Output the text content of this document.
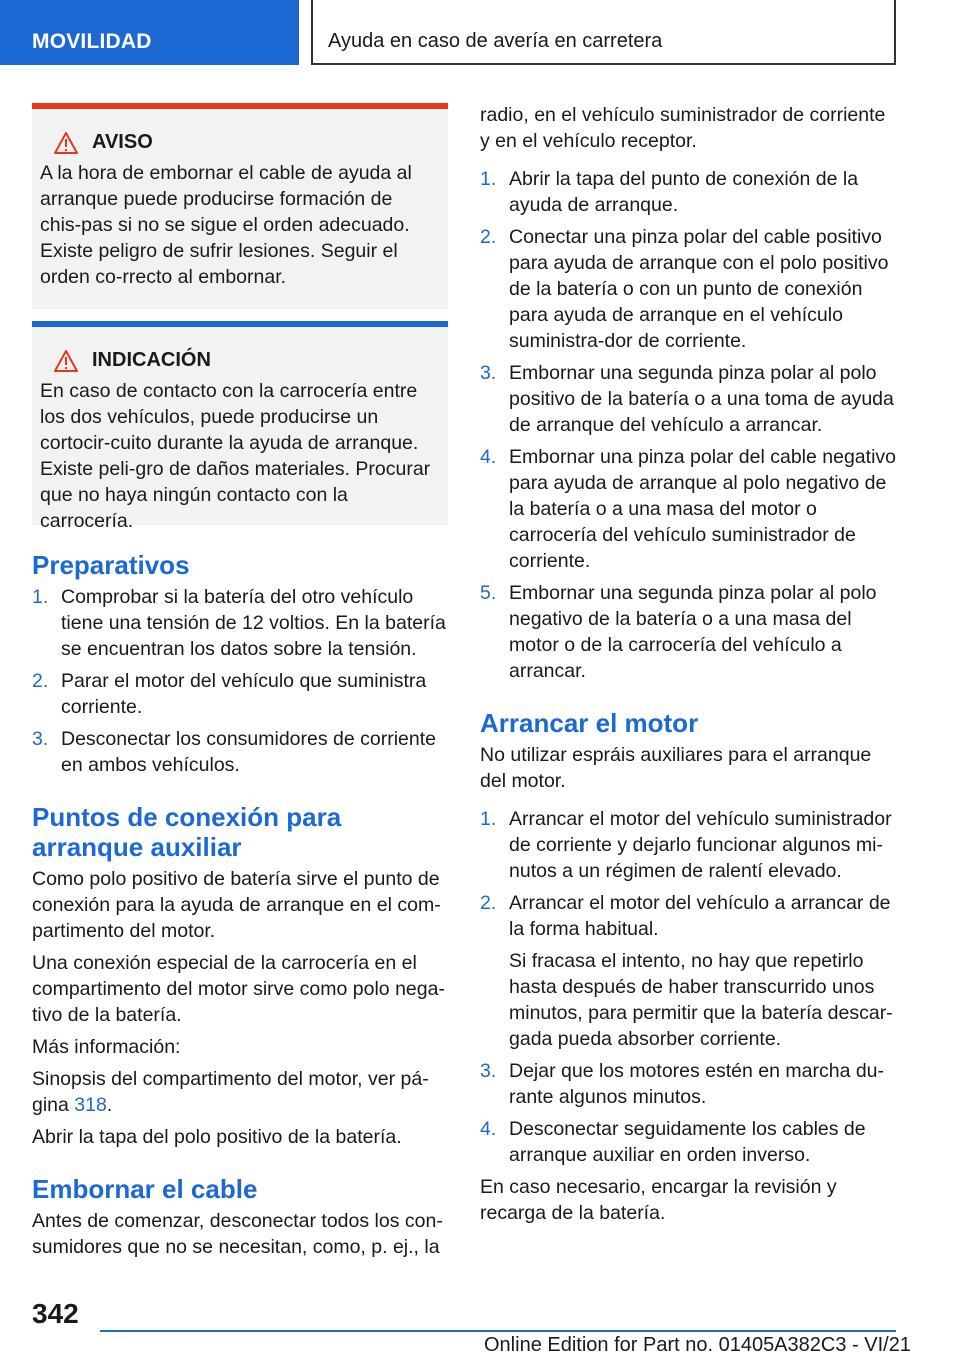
MOVILIDAD	Ayuda en caso de avería en carretera
AVISO
A la hora de embornar el cable de ayuda al arranque puede producirse formación de chis-pas si no se sigue el orden adecuado. Existe peligro de sufrir lesiones. Seguir el orden co-rrecto al embornar.
INDICACIÓN
En caso de contacto con la carrocería entre los dos vehículos, puede producirse un cortocir-cuito durante la ayuda de arranque. Existe peli-gro de daños materiales. Procurar que no haya ningún contacto con la carrocería.
Preparativos
1. Comprobar si la batería del otro vehículo tiene una tensión de 12 voltios. En la batería se encuentran los datos sobre la tensión.
2. Parar el motor del vehículo que suministra corriente.
3. Desconectar los consumidores de corriente en ambos vehículos.
Puntos de conexión para arranque auxiliar

Como polo positivo de batería sirve el punto de conexión para la ayuda de arranque en el com-partimento del motor.

Una conexión especial de la carrocería en el compartimento del motor sirve como polo nega-tivo de la batería.

Más información:

Sinopsis del compartimento del motor, ver pá-gina 318.

Abrir la tapa del polo positivo de la batería.

Embornar el cable

Antes de comenzar, desconectar todos los con-sumidores que no se necesitan, como, p. ej., la

radio, en el vehículo suministrador de corriente y en el vehículo receptor.

1. Abrir la tapa del punto de conexión de la ayuda de arranque.
2. Conectar una pinza polar del cable positivo para ayuda de arranque con el polo positivo de la batería o con un punto de conexión para ayuda de arranque en el vehículo suministra-dor de corriente.
3. Embornar una segunda pinza polar al polo positivo de la batería o a una toma de ayuda de arranque del vehículo a arrancar.
4. Embornar una pinza polar del cable negativo para ayuda de arranque al polo negativo de la batería o a una masa del motor o carrocería del vehículo suministrador de corriente.
5. Embornar una segunda pinza polar al polo negativo de la batería o a una masa del motor o de la carrocería del vehículo a arrancar.
Arrancar el motor

No utilizar espráis auxiliares para el arranque del motor.

1. Arrancar el motor del vehículo suministrador de corriente y dejarlo funcionar algunos mi-nutos a un régimen de ralentí elevado.
2. Arrancar el motor del vehículo a arrancar de la forma habitual.
Si fracasa el intento, no hay que repetirlo hasta después de haber transcurrido unos minutos, para permitir que la batería descar-gada pueda absorber corriente.
3. Dejar que los motores estén en marcha du-rante algunos minutos.
4. Desconectar seguidamente los cables de arranque auxiliar en orden inverso.

En caso necesario, encargar la revisión y recarga de la batería.

342
Online Edition for Part no. 01405A382C3 - VI/21
